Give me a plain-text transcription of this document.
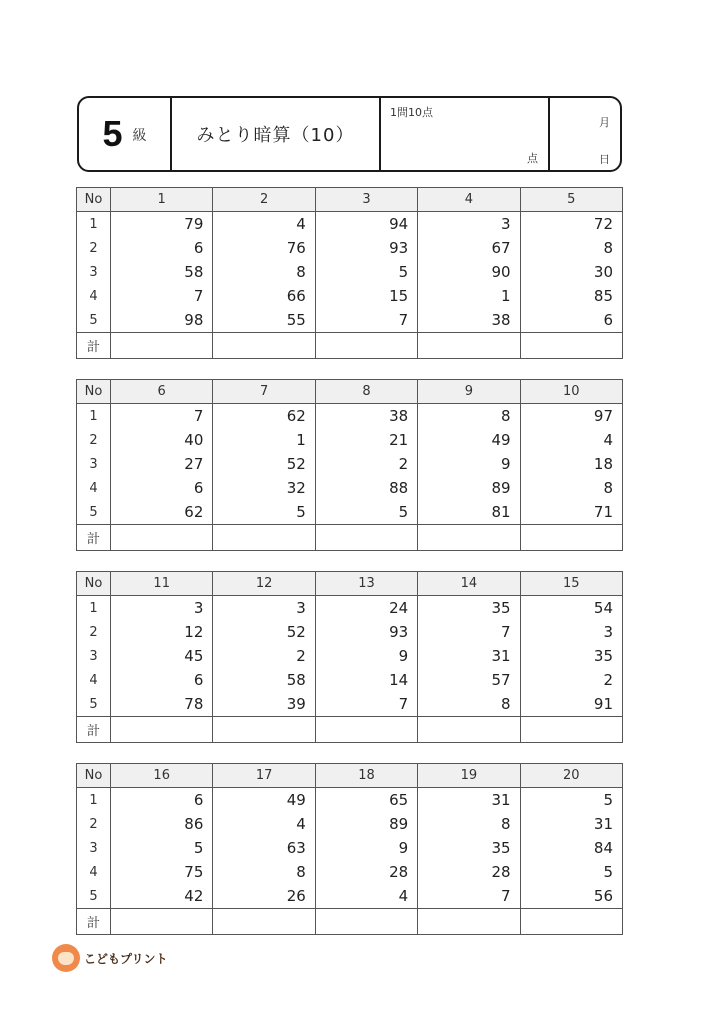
5 級	みとり暗算（10）
1問10点
点
月
日
No	1	2	3	4	5
1	79	4	94	3	72
2	6	76	93	67	8
3	58	8	5	90	30
4	7	66	15	1	85
5	98	55	7	38	6
計					
No	6	7	8	9	10
1	7	62	38	8	97
2	40	1	21	49	4
3	27	52	2	9	18
4	6	32	88	89	8
5	62	5	5	81	71
計					
No	11	12	13	14	15
1	3	3	24	35	54
2	12	52	93	7	3
3	45	2	9	31	35
4	6	58	14	57	2
5	78	39	7	8	91
計					
No	16	17	18	19	20
1	6	49	65	31	5
2	86	4	89	8	31
3	5	63	9	35	84
4	75	8	28	28	5
5	42	26	4	7	56
計					
こどもプリント
